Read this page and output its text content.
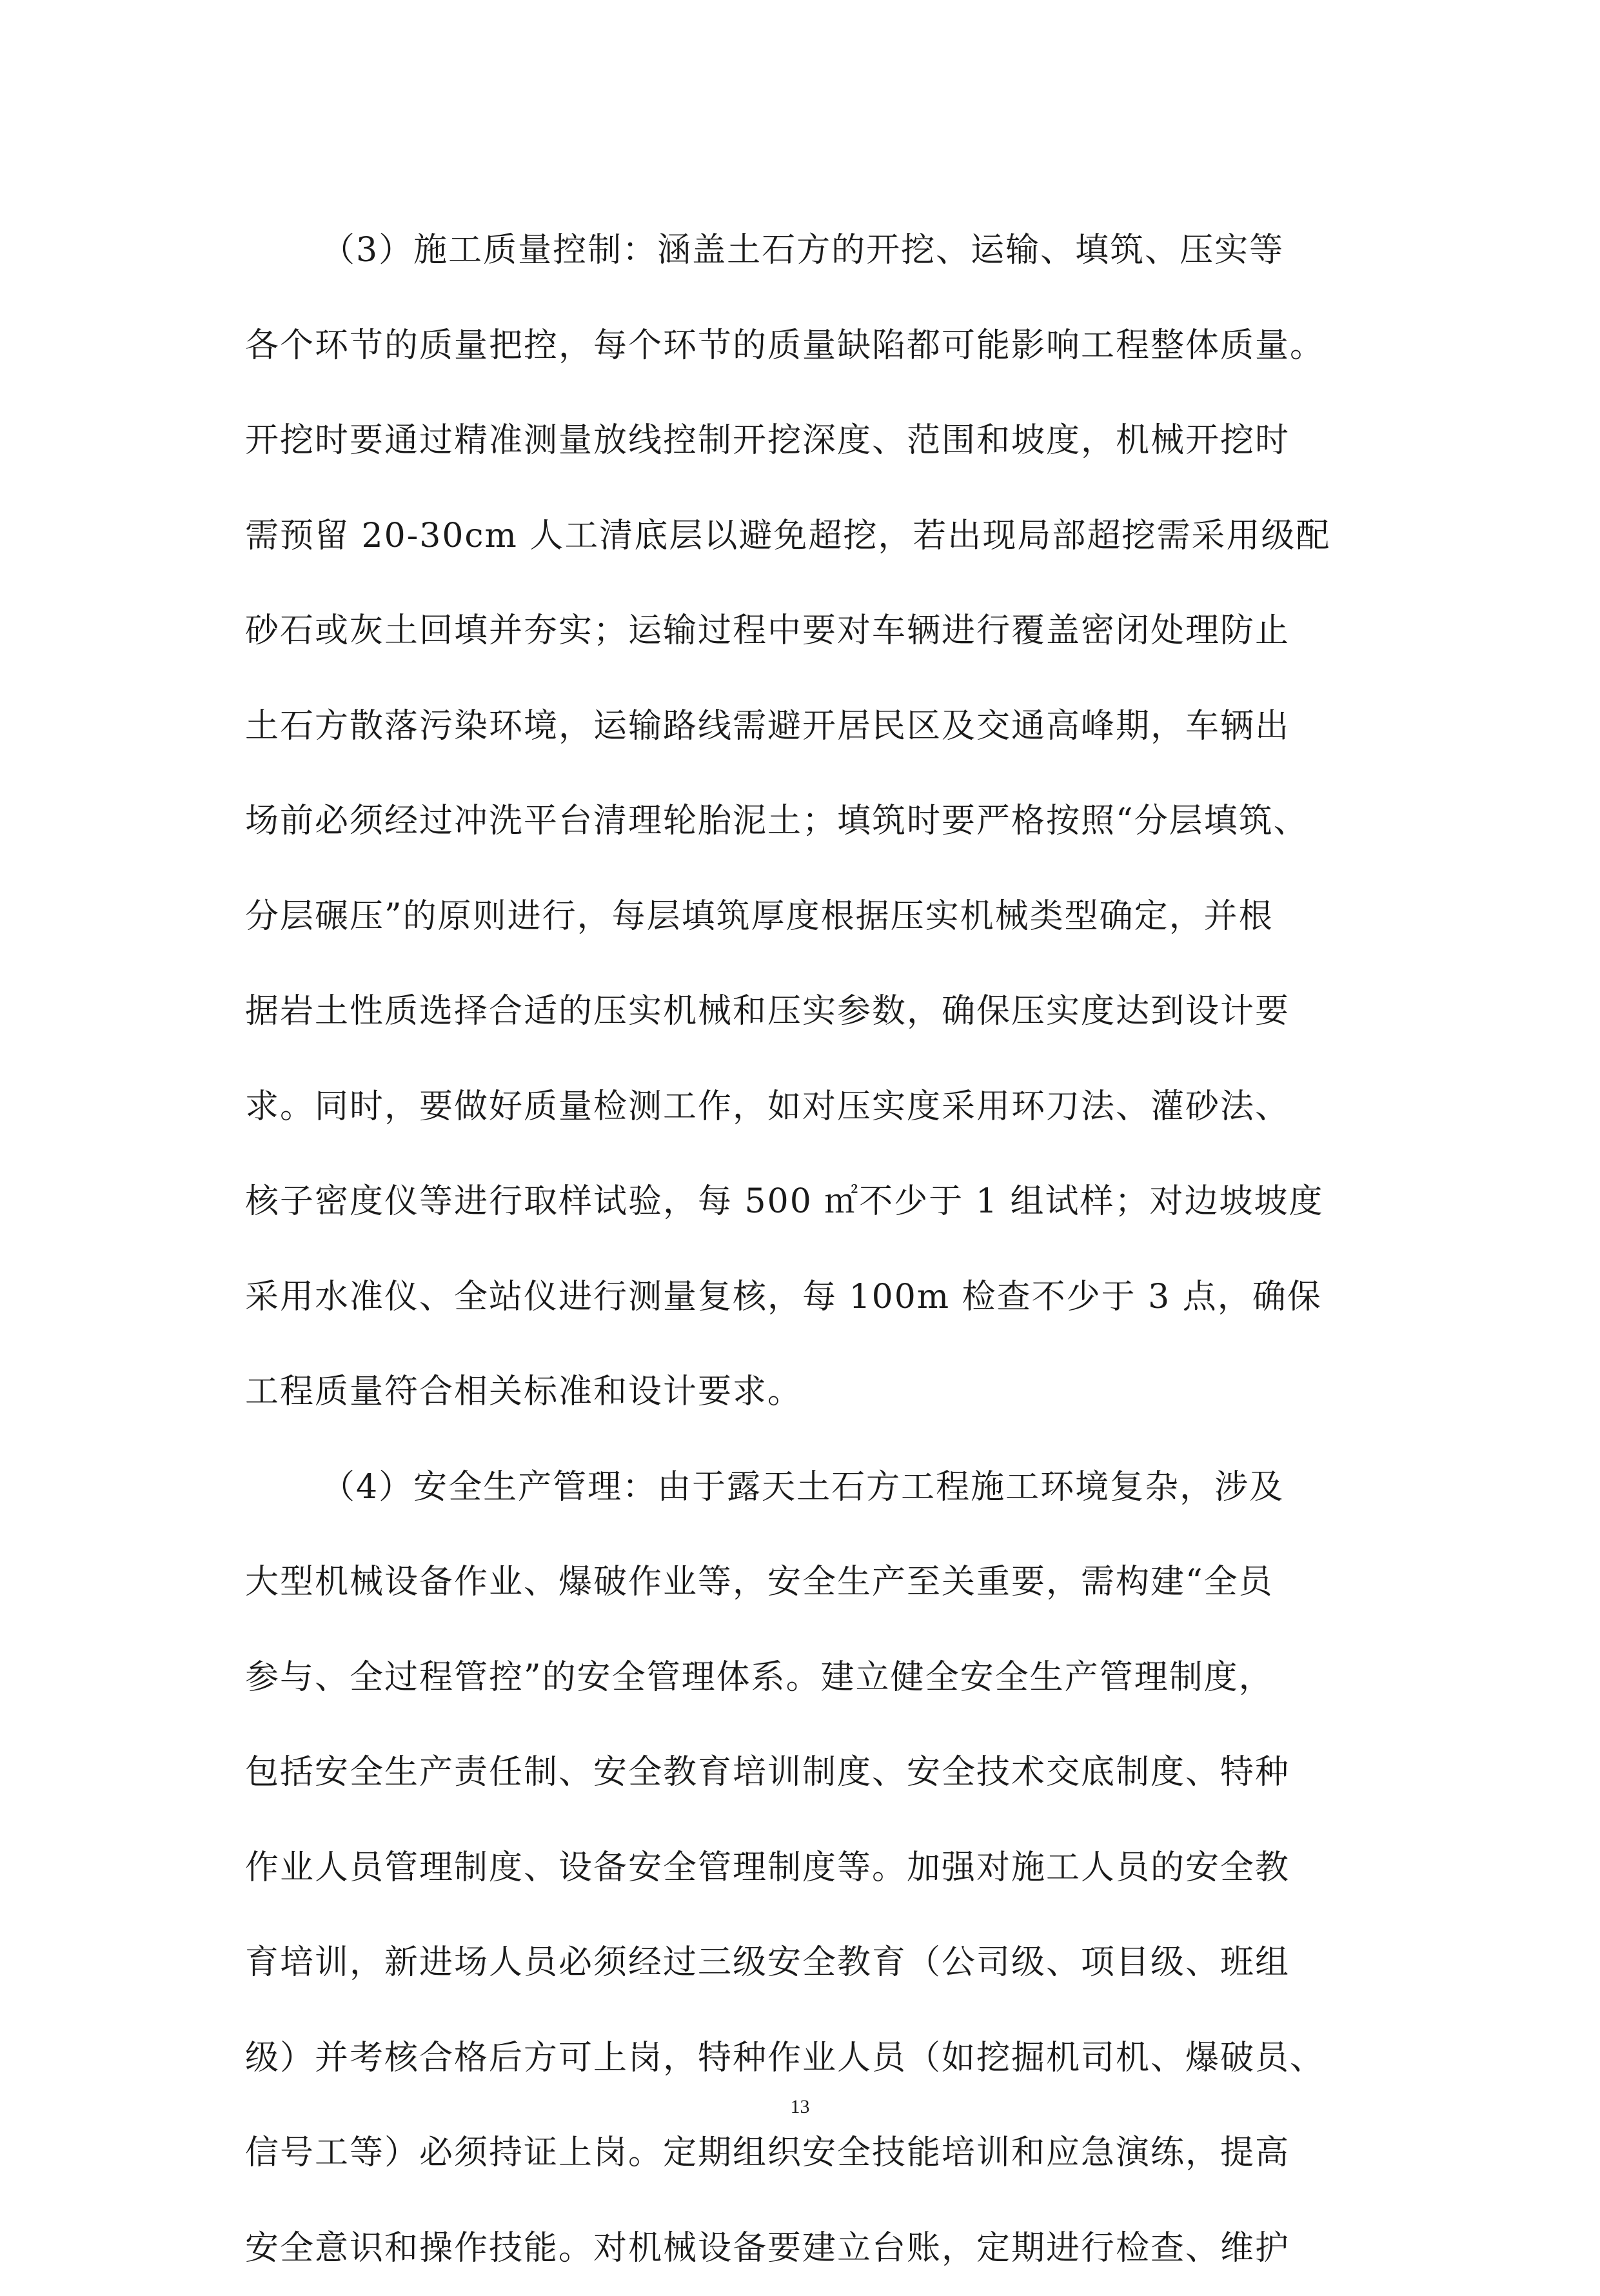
（3）施工质量控制：涵盖土石方的开挖、运输、填筑、压实等
各个环节的质量把控，每个环节的质量缺陷都可能影响工程整体质量。
开挖时要通过精准测量放线控制开挖深度、范围和坡度，机械开挖时
需预留 20-30cm 人工清底层以避免超挖，若出现局部超挖需采用级配
砂石或灰土回填并夯实；运输过程中要对车辆进行覆盖密闭处理防止
土石方散落污染环境，运输路线需避开居民区及交通高峰期，车辆出
场前必须经过冲洗平台清理轮胎泥土；填筑时要严格按照“分层填筑、
分层碾压”的原则进行，每层填筑厚度根据压实机械类型确定，并根
据岩土性质选择合适的压实机械和压实参数，确保压实度达到设计要
求。同时，要做好质量检测工作，如对压实度采用环刀法、灌砂法、
核子密度仪等进行取样试验，每 500 ㎡不少于 1 组试样；对边坡坡度
采用水准仪、全站仪进行测量复核，每 100m 检查不少于 3 点，确保
工程质量符合相关标准和设计要求。
（4）安全生产管理：由于露天土石方工程施工环境复杂，涉及
大型机械设备作业、爆破作业等，安全生产至关重要，需构建“全员
参与、全过程管控”的安全管理体系。建立健全安全生产管理制度，
包括安全生产责任制、安全教育培训制度、安全技术交底制度、特种
作业人员管理制度、设备安全管理制度等。加强对施工人员的安全教
育培训，新进场人员必须经过三级安全教育（公司级、项目级、班组
级）并考核合格后方可上岗，特种作业人员（如挖掘机司机、爆破员、
信号工等）必须持证上岗。定期组织安全技能培训和应急演练，提高
安全意识和操作技能。对机械设备要建立台账，定期进行检查、维护
13
